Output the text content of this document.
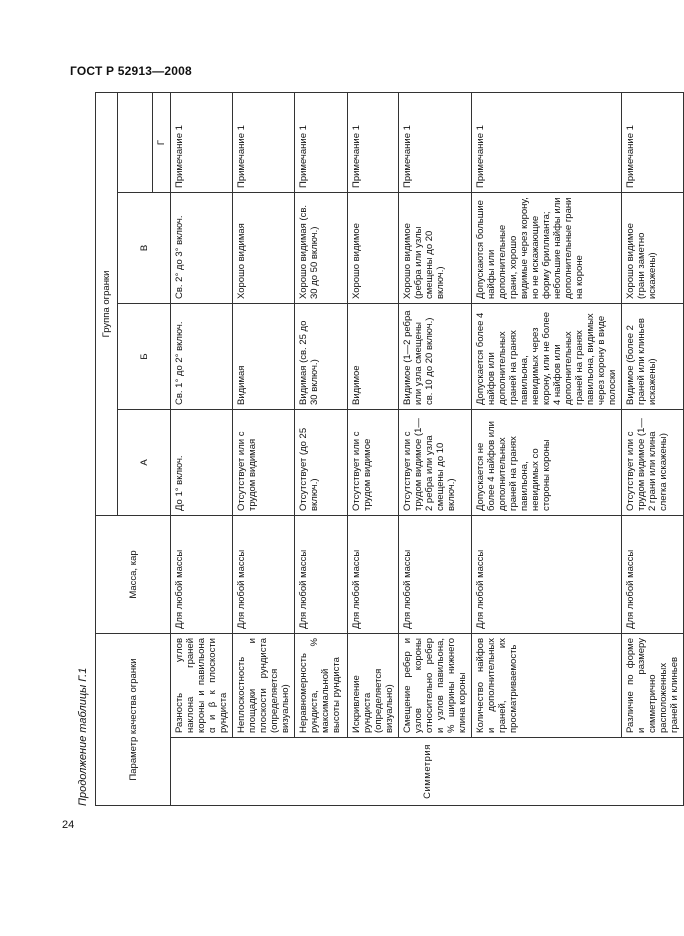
ГОСТ Р 52913—2008
Продолжение таблицы Г.1	Параметр качества огранки		Масса, кар	Группа огранки			
			А	Б	В	
						Г
Симметрия	Разность углов наклона граней короны и павильона α и β к плоскости рундиста	Для любой массы	До 1° включ.	Св. 1° до 2° включ.	Св. 2° до 3° включ.	Примечание 1
	Неплоскостность площадки и плоскости рундиста (определяется визуально)	Для любой массы	Отсутствует или с трудом видимая	Видимая	Хорошо видимая	Примечание 1
	Неравномерность рундиста, % максимальной высоты рундиста	Для любой массы	Отсутствует (до 25 включ.)	Видимая (св. 25 до 30 включ.)	Хорошо видимая (св. 30 до 50 включ.)	Примечание 1
	Искривление рундиста (определяется визуально)	Для любой массы	Отсутствует или с трудом видимое	Видимое	Хорошо видимое	Примечание 1
	Смещение ребер и узлов короны относительно ребер и узлов павильона, % ширины нижнего клина короны	Для любой массы	Отсутствует или с трудом видимое (1—2 ребра или узла смещены до 10 включ.)	Видимое (1—2 ребра или узла смещены св. 10 до 20 включ.)	Хорошо видимое (ребра или узлы смещены до 20 включ.)	Примечание 1
	Количество найфов и дополнительных граней, их просматриваемость	Для любой массы	Допускается не более 4 найфов или дополнительных граней на гранях павильона, невидимых со стороны короны	Допускается более 4 найфов или дополнительных граней на гранях павильона, невидимых через корону, или не более 4 найфов или дополнительных граней на гранях павильона, видимых через корону в виде полоски	Допускаются большие найфы или дополнительные грани, хорошо видимые через корону, но не искажающие форму бриллианта; небольшие найфы или дополнительные грани на короне	Примечание 1
	Различие по форме и размеру симметрично расположенных граней и клиньев	Для любой массы	Отсутствует или с трудом видимое (1—2 грани или клина слегка искажены)	Видимое (более 2 граней или клиньев искажены)	Хорошо видимое (грани заметно искажены)	Примечание 1
24
